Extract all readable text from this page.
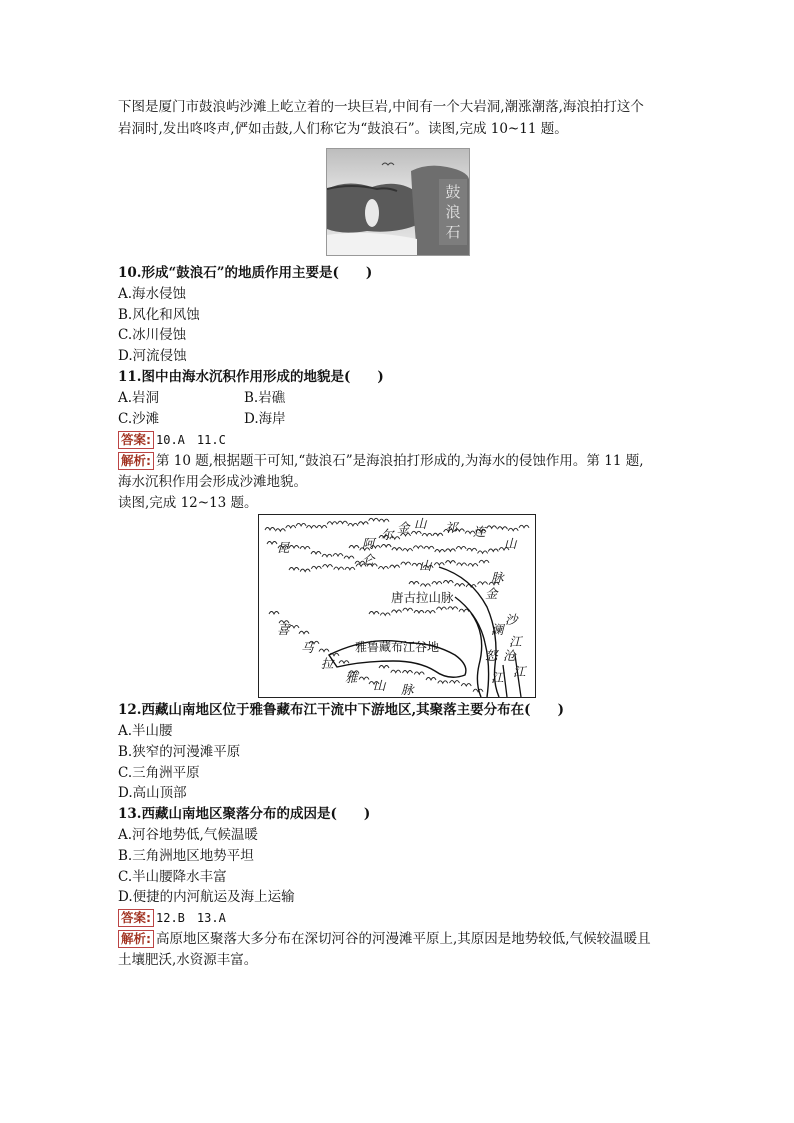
下图是厦门市鼓浪屿沙滩上屹立着的一块巨岩,中间有一个大岩洞,潮涨潮落,海浪拍打这个
岩洞时,发出咚咚声,俨如击鼓,人们称它为“鼓浪石”。读图,完成 10~11 题。
鼓
浪
石
10.形成“鼓浪石”的地质作用主要是(　　)
A.海水侵蚀
B.风化和风蚀
C.冰川侵蚀
D.河流侵蚀
11.图中由海水沉积作用形成的地貌是(　　)
A.岩洞	B.岩礁
C.沙滩	D.海岸
答案: 10.A　11.C
解析: 第 10 题,根据题干可知,“鼓浪石”是海浪拍打形成的,为海水的侵蚀作用。第 11 题,
海水沉积作用会形成沙滩地貌。
读图,完成 12~13 题。
昆	阿
尔 金 山 祁 连
山
仑	山
脉
唐古拉山脉	金
沙
江
澜
沧
江
怒
江
喜
马
拉
雅
山 脉
雅鲁藏布江谷地
12.西藏山南地区位于雅鲁藏布江干流中下游地区,其聚落主要分布在(　　)
A.半山腰
B.狭窄的河漫滩平原
C.三角洲平原
D.高山顶部
13.西藏山南地区聚落分布的成因是(　　)
A.河谷地势低,气候温暖
B.三角洲地区地势平坦
C.半山腰降水丰富
D.便捷的内河航运及海上运输
答案: 12.B　13.A
解析: 高原地区聚落大多分布在深切河谷的河漫滩平原上,其原因是地势较低,气候较温暖且
土壤肥沃,水资源丰富。
